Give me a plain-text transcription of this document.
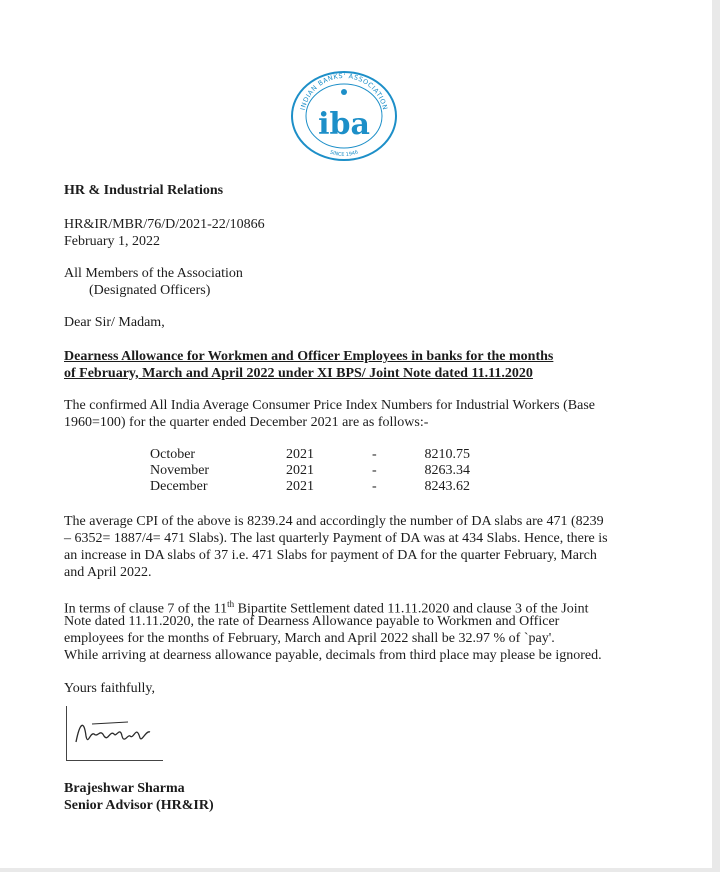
INDIAN BANKS' ASSOCIATION
SINCE 1946
iba
HR & Industrial Relations
HR&IR/MBR/76/D/2021-22/10866
February 1, 2022
All Members of the Association
(Designated Officers)
Dear Sir/ Madam,
Dearness Allowance for Workmen and Officer Employees in banks for the months
of February, March and April 2022 under XI BPS/ Joint Note dated 11.11.2020
The confirmed All India Average Consumer Price Index Numbers for Industrial Workers (Base
1960=100) for the quarter ended December 2021 are as follows:-
October	2021	-	8210.75
November	2021	-	8263.34
December	2021	-	8243.62
The average CPI of the above is 8239.24 and accordingly the number of DA slabs are 471 (8239
– 6352= 1887/4= 471 Slabs). The last quarterly Payment of DA was at 434 Slabs. Hence, there is
an increase in DA slabs of 37 i.e. 471 Slabs for payment of DA for the quarter February, March
and April 2022.
In terms of clause 7 of the 11th Bipartite Settlement dated 11.11.2020 and clause 3 of the Joint
Note dated 11.11.2020, the rate of Dearness Allowance payable to Workmen and Officer
employees for the months of February, March and April 2022 shall be 32.97 % of `pay'.
While arriving at dearness allowance payable, decimals from third place may please be ignored.
Yours faithfully,
Brajeshwar Sharma
Senior Advisor (HR&IR)
